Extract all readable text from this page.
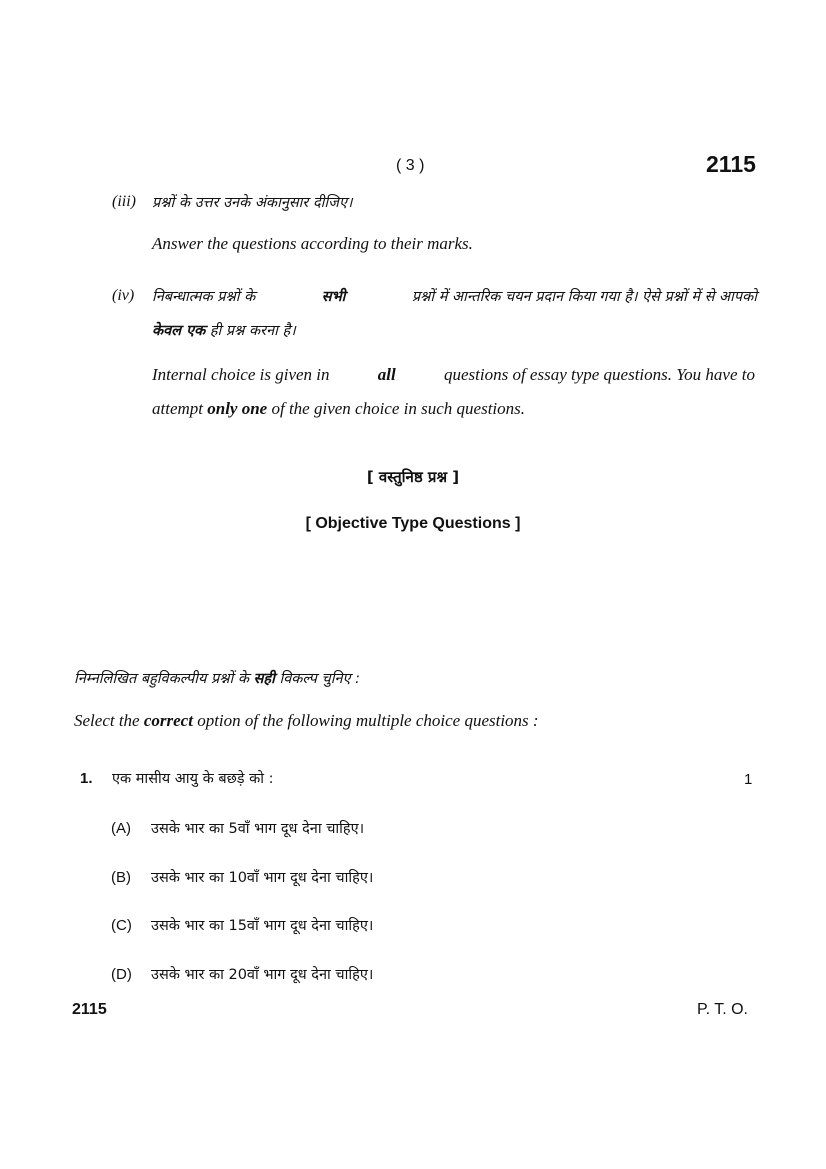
( 3 )	2115
(iii) प्रश्नों के उत्तर उनके अंकानुसार दीजिए।
Answer the questions according to their marks.
(iv) निबन्धात्मक प्रश्नों के	सभी	प्रश्नों में आन्तरिक चयन प्रदान किया गया है। ऐसे प्रश्नों में से आपको
केवल एक ही प्रश्न करना है।
Internal choice is given in	all	questions of essay type questions. You have to
attempt only one of the given choice in such questions.
[ वस्तुनिष्ठ प्रश्न ]
[ Objective Type Questions ]
निम्नलिखित बहुविकल्पीय प्रश्नों के सही विकल्प चुनिए :
Select the correct option of the following multiple choice questions :
1. एक मासीय आयु के बछड़े को :	1
(A) उसके भार का 5वाँ भाग दूध देना चाहिए।
(B) उसके भार का 10वाँ भाग दूध देना चाहिए।
(C) उसके भार का 15वाँ भाग दूध देना चाहिए।
(D) उसके भार का 20वाँ भाग दूध देना चाहिए।
2115	P. T. O.
